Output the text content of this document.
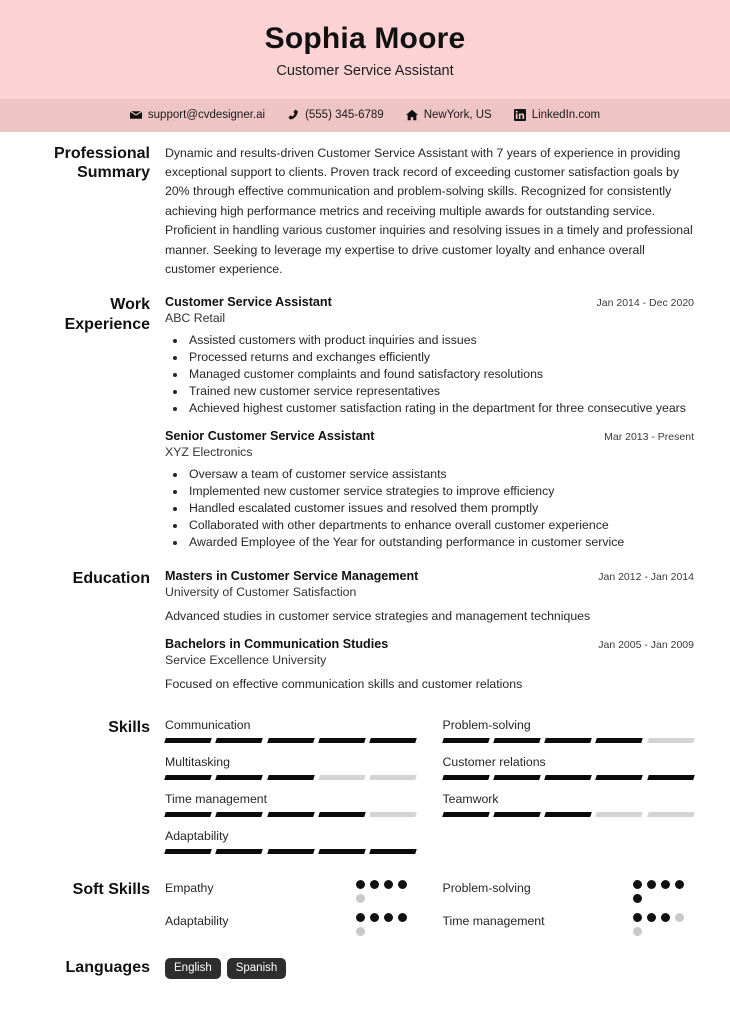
Sophia Moore
Customer Service Assistant
support@cvdesigner.ai	(555) 345-6789	NewYork, US	LinkedIn.com
Professional Summary
Dynamic and results-driven Customer Service Assistant with 7 years of experience in providing exceptional support to clients. Proven track record of exceeding customer satisfaction goals by 20% through effective communication and problem-solving skills. Recognized for consistently achieving high performance metrics and receiving multiple awards for outstanding service. Proficient in handling various customer inquiries and resolving issues in a timely and professional manner. Seeking to leverage my expertise to drive customer loyalty and enhance overall customer experience.
Work Experience
Customer Service Assistant	Jan 2014 - Dec 2020
ABC Retail
• Assisted customers with product inquiries and issues
• Processed returns and exchanges efficiently
• Managed customer complaints and found satisfactory resolutions
• Trained new customer service representatives
• Achieved highest customer satisfaction rating in the department for three consecutive years
Senior Customer Service Assistant	Mar 2013 - Present
XYZ Electronics
• Oversaw a team of customer service assistants
• Implemented new customer service strategies to improve efficiency
• Handled escalated customer issues and resolved them promptly
• Collaborated with other departments to enhance overall customer experience
• Awarded Employee of the Year for outstanding performance in customer service
Education	Masters in Customer Service Management	Jan 2012 - Jan 2014
University of Customer Satisfaction
Advanced studies in customer service strategies and management techniques
Bachelors in Communication Studies	Jan 2005 - Jan 2009
Service Excellence University
Focused on effective communication skills and customer relations
Skills	Communication	Problem-solving
Multitasking	Customer relations
Time management	Teamwork
Adaptability
Soft Skills	Empathy	Problem-solving
Adaptability	Time management
Languages	English	Spanish
